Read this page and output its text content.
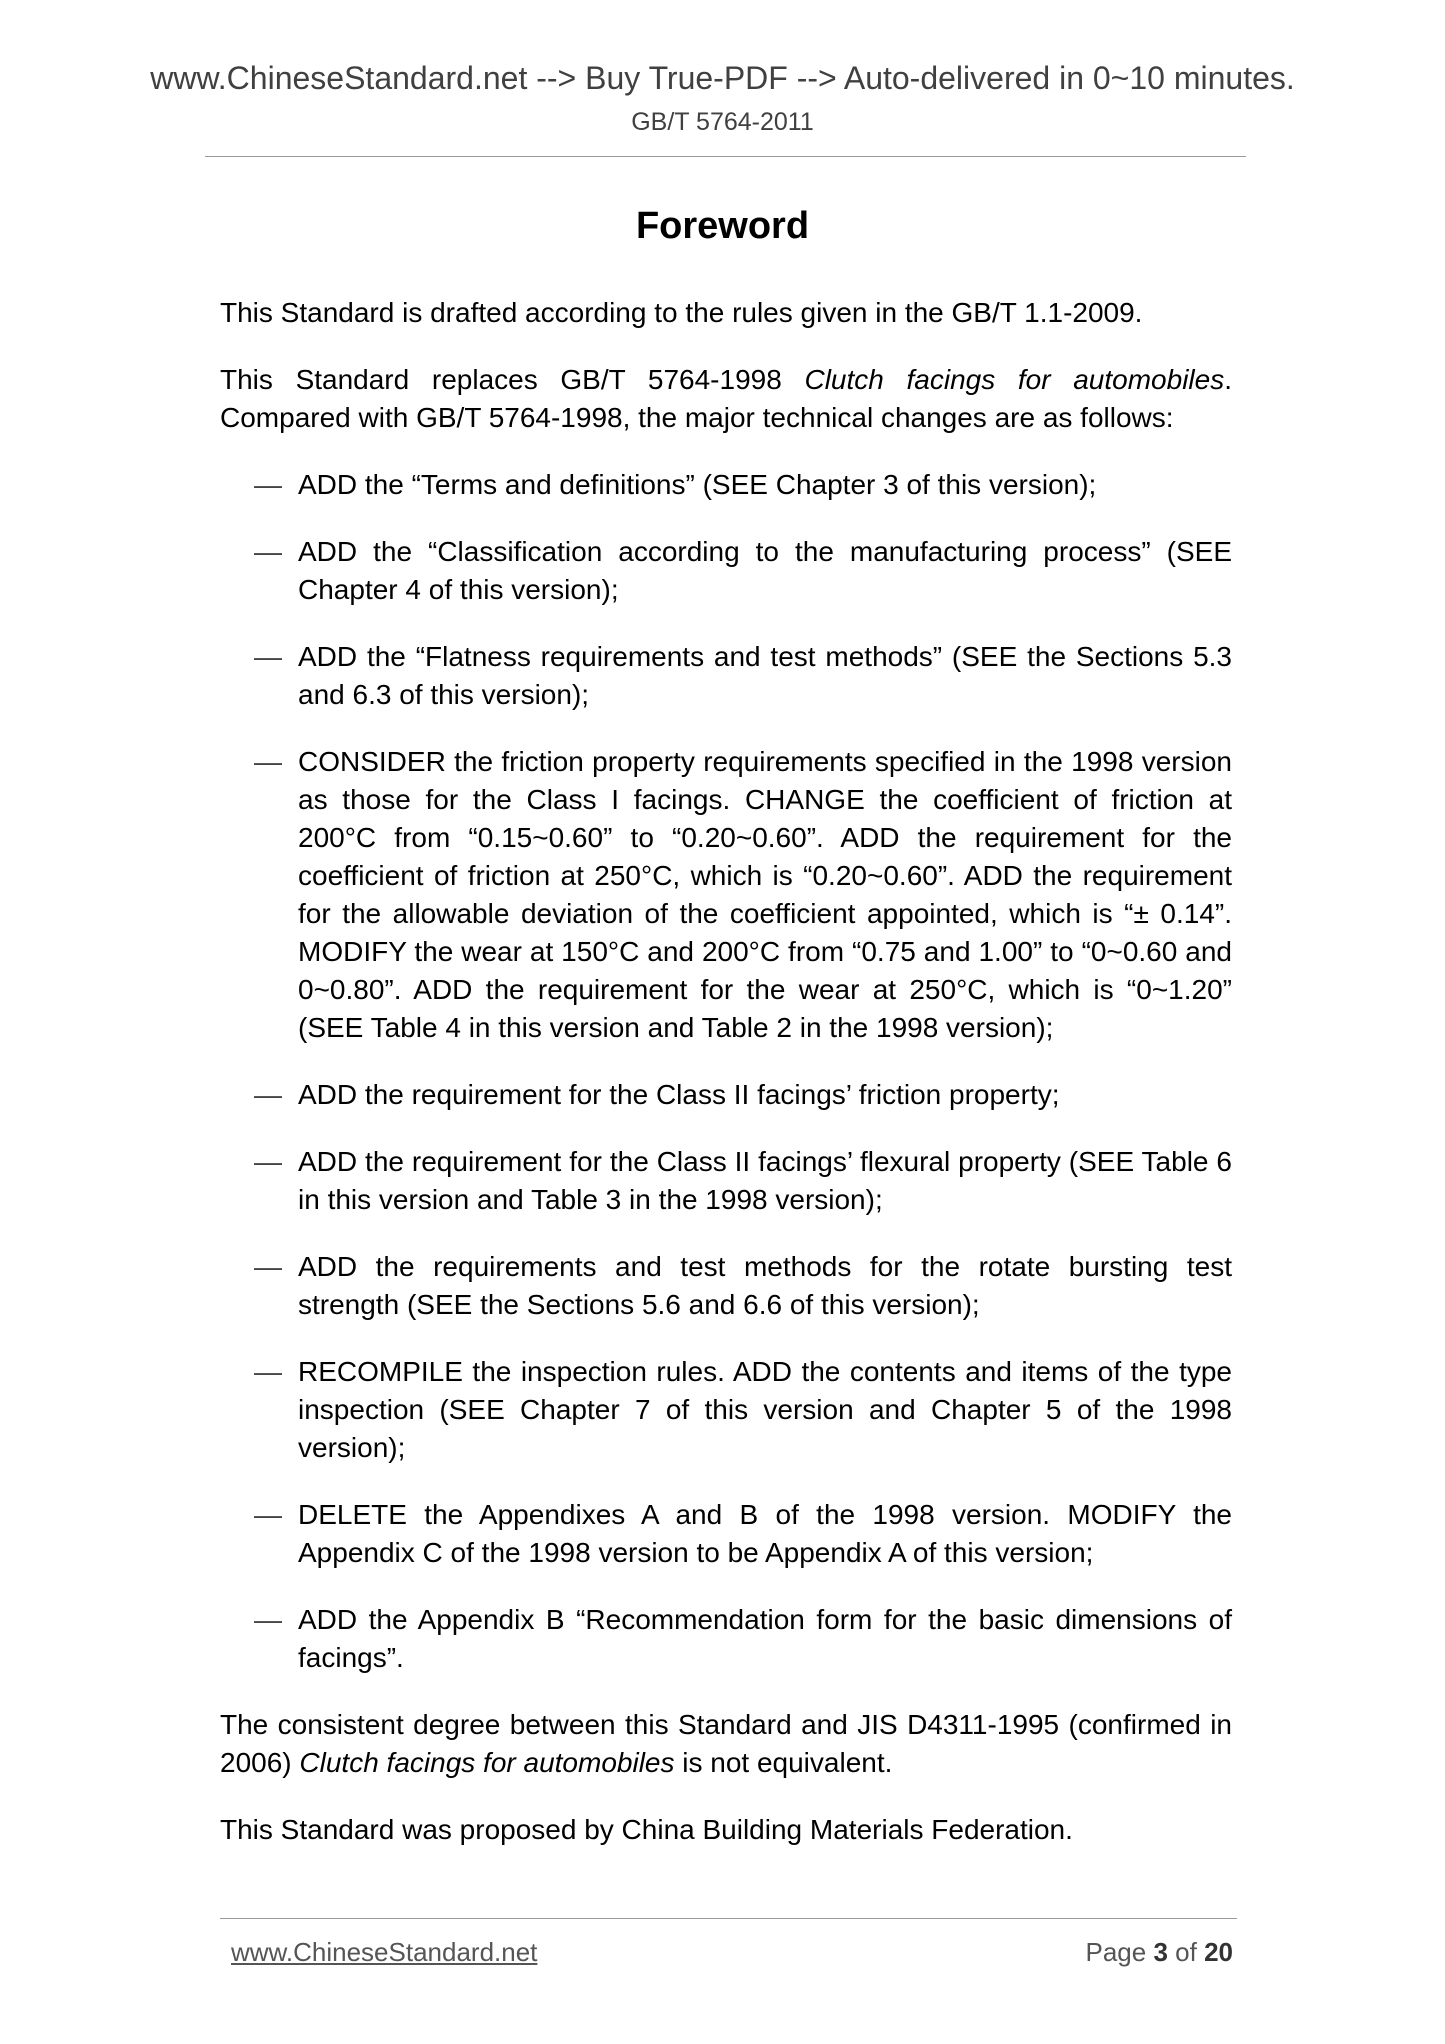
www.ChineseStandard.net --> Buy True-PDF --> Auto-delivered in 0~10 minutes.
GB/T 5764-2011
Foreword

This Standard is drafted according to the rules given in the GB/T 1.1-2009.

This Standard replaces GB/T 5764-1998 Clutch facings for automobiles. Compared with GB/T 5764-1998, the major technical changes are as follows:

— ADD the “Terms and definitions” (SEE Chapter 3 of this version);
— ADD the “Classification according to the manufacturing process” (SEE Chapter 4 of this version);
— ADD the “Flatness requirements and test methods” (SEE the Sections 5.3 and 6.3 of this version);
— CONSIDER the friction property requirements specified in the 1998 version as those for the Class I facings. CHANGE the coefficient of friction at 200°C from “0.15~0.60” to “0.20~0.60”. ADD the requirement for the coefficient of friction at 250°C, which is “0.20~0.60”. ADD the requirement for the allowable deviation of the coefficient appointed, which is “± 0.14”. MODIFY the wear at 150°C and 200°C from “0.75 and 1.00” to “0~0.60 and 0~0.80”. ADD the requirement for the wear at 250°C, which is “0~1.20” (SEE Table 4 in this version and Table 2 in the 1998 version);
— ADD the requirement for the Class II facings’ friction property;
— ADD the requirement for the Class II facings’ flexural property (SEE Table 6 in this version and Table 3 in the 1998 version);
— ADD the requirements and test methods for the rotate bursting test strength (SEE the Sections 5.6 and 6.6 of this version);
— RECOMPILE the inspection rules. ADD the contents and items of the type inspection (SEE Chapter 7 of this version and Chapter 5 of the 1998 version);
— DELETE the Appendixes A and B of the 1998 version. MODIFY the Appendix C of the 1998 version to be Appendix A of this version;
— ADD the Appendix B “Recommendation form for the basic dimensions of facings”.

The consistent degree between this Standard and JIS D4311-1995 (confirmed in 2006) Clutch facings for automobiles is not equivalent.

This Standard was proposed by China Building Materials Federation.

www.ChineseStandard.net	Page 3 of 20
